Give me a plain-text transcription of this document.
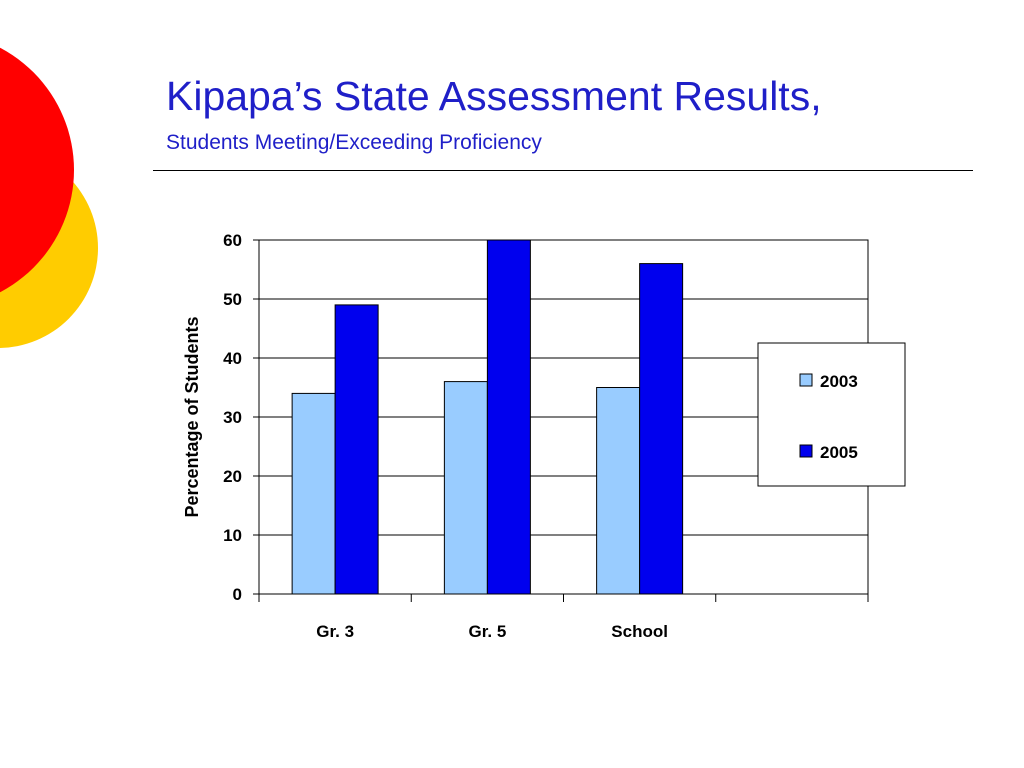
Kipapa’s State Assessment Results,
Students Meeting/Exceeding Proficiency
0
10
20
30
40
50
60
Gr. 3	Gr. 5	School
Percentage of Students	2003
2005
